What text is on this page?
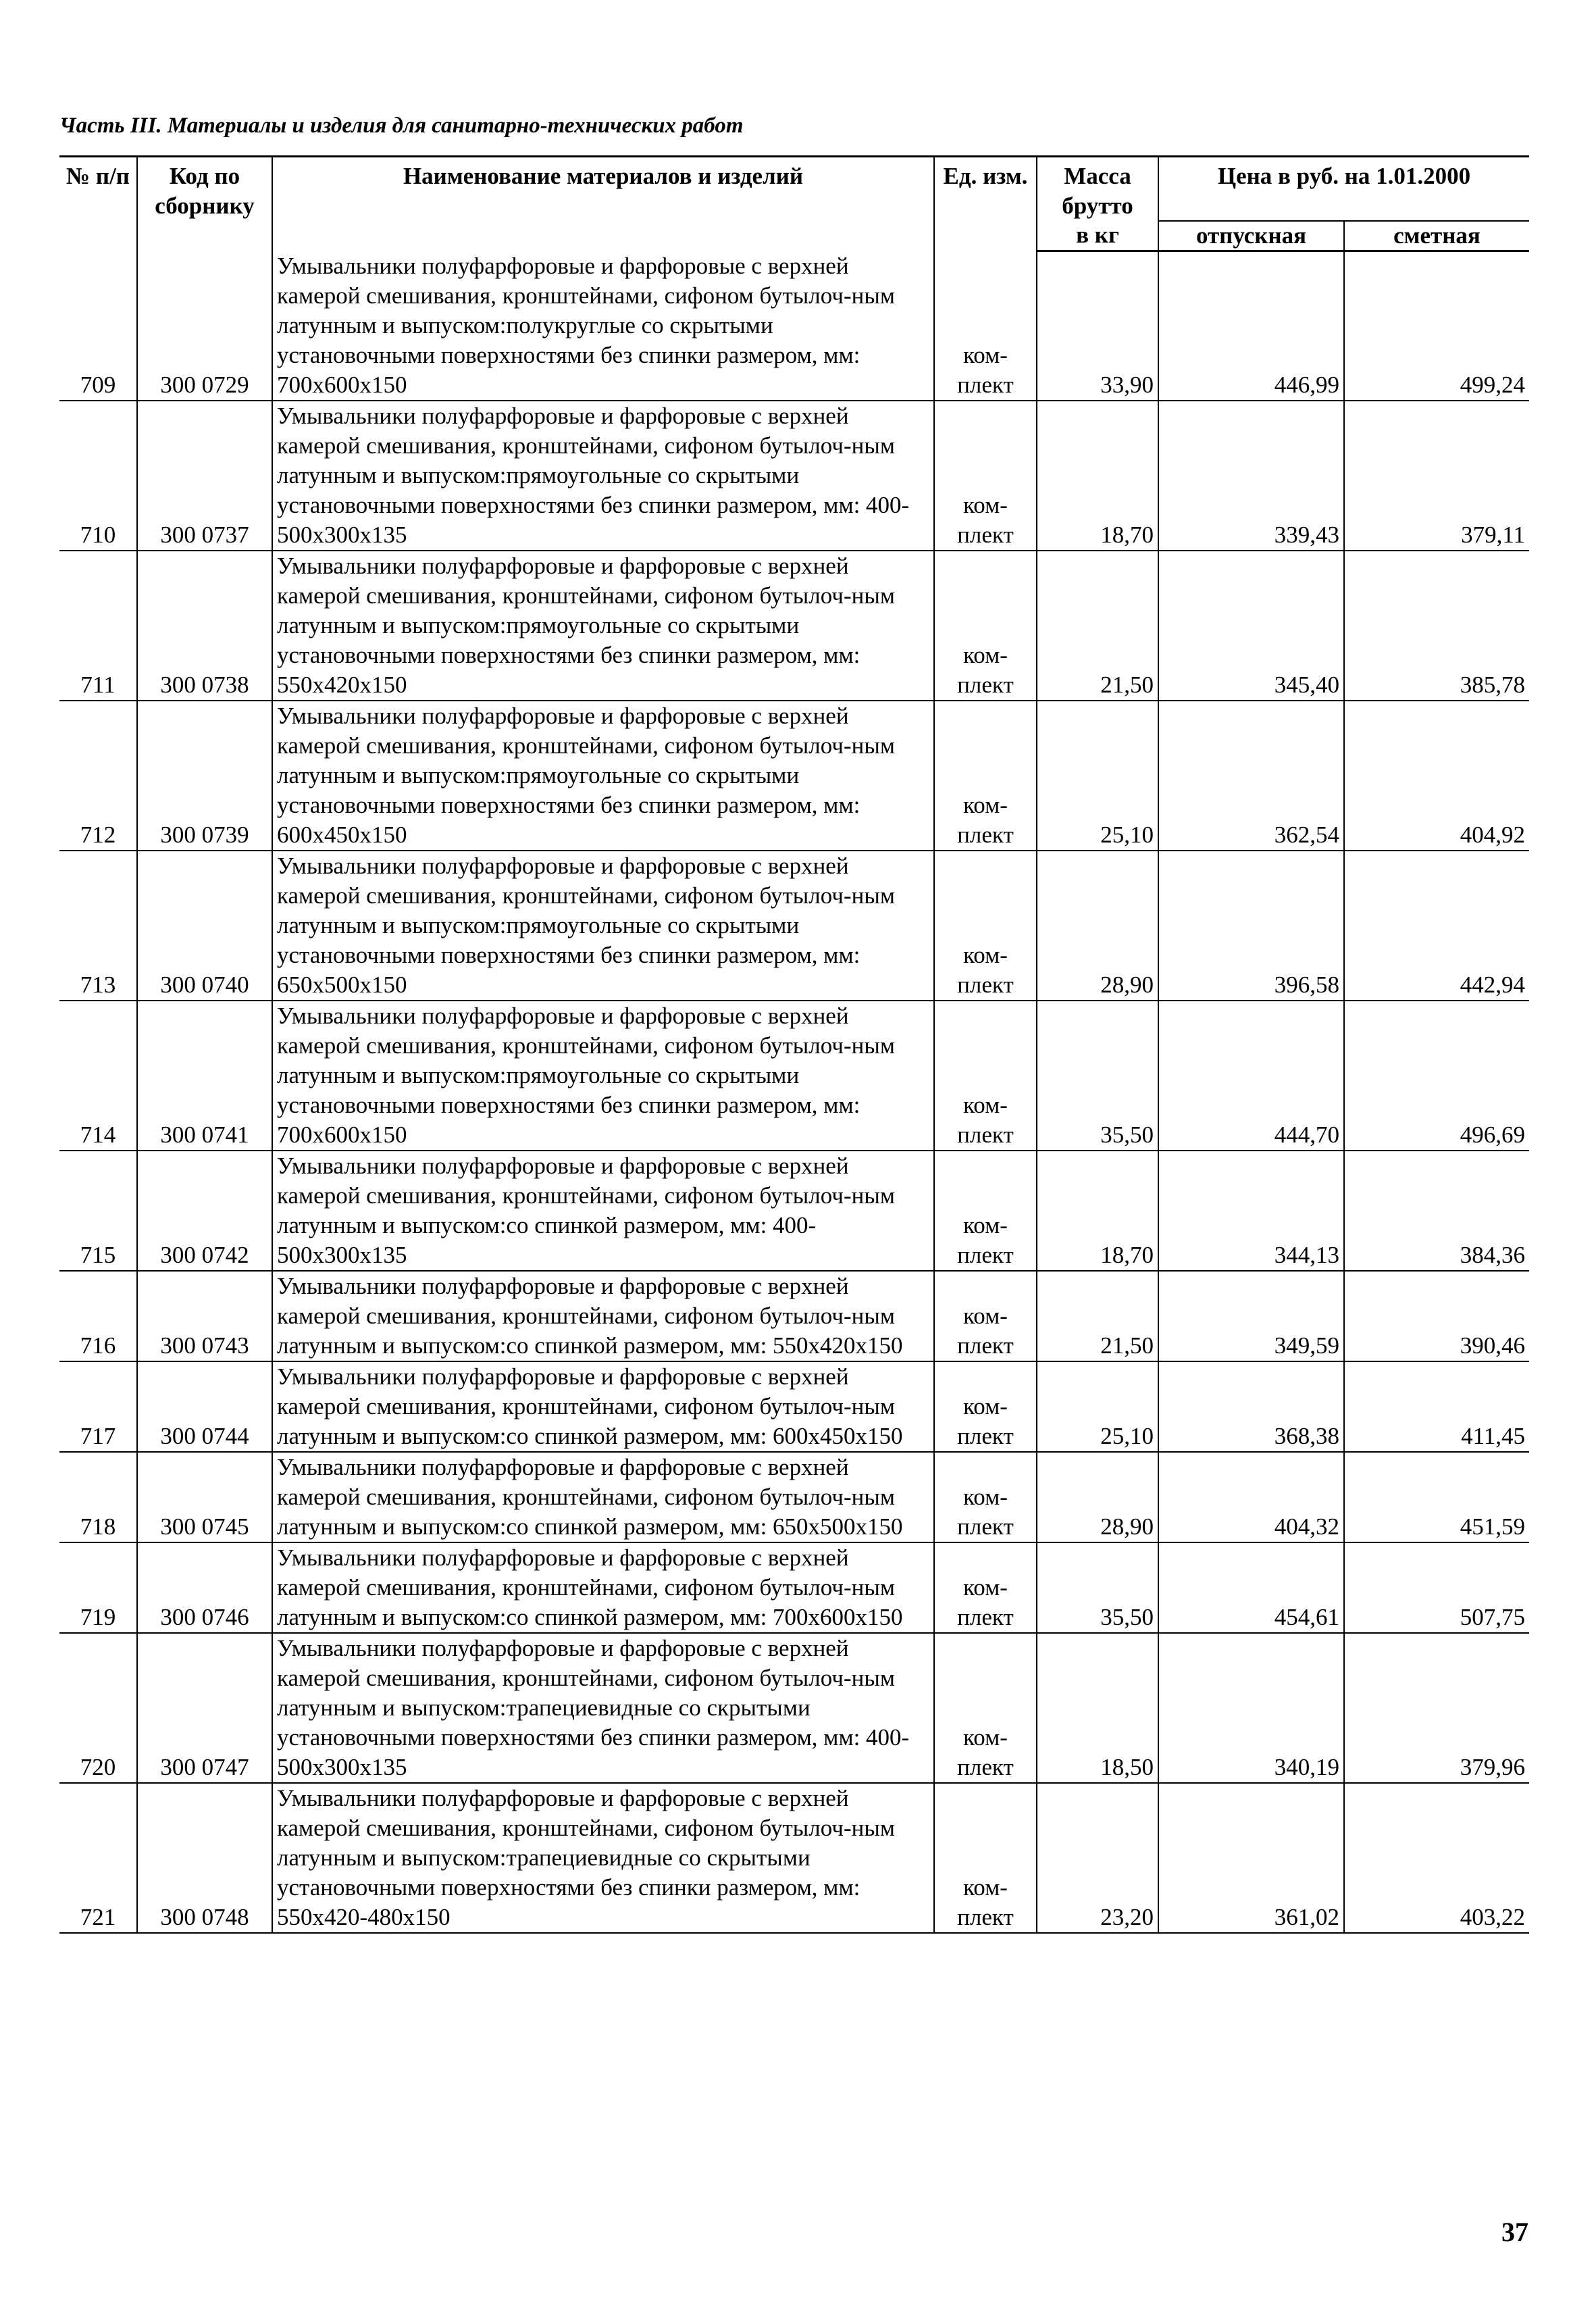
Часть III. Материалы и изделия для санитарно-технических работ
№ п/п	Код по сборнику	Наименование материалов и изделий	Ед. изм.	Масса брутто	Цена в руб. на 1.01.2000	
				в кг	отпускная	сметная
709	300 0729	Умывальники полуфарфоровые и фарфоровые с верхней камерой смешивания, кронштейнами, сифоном бутылоч-ным латунным и выпуском:полукруглые со скрытыми установочными поверхностями без спинки размером, мм: 700x600x150	ком-плект	33,90	446,99	499,24
710	300 0737	Умывальники полуфарфоровые и фарфоровые с верхней камерой смешивания, кронштейнами, сифоном бутылоч-ным латунным и выпуском:прямоугольные со скрытыми установочными поверхностями без спинки размером, мм: 400-500x300x135	ком-плект	18,70	339,43	379,11
711	300 0738	Умывальники полуфарфоровые и фарфоровые с верхней камерой смешивания, кронштейнами, сифоном бутылоч-ным латунным и выпуском:прямоугольные со скрытыми установочными поверхностями без спинки размером, мм: 550x420x150	ком-плект	21,50	345,40	385,78
712	300 0739	Умывальники полуфарфоровые и фарфоровые с верхней камерой смешивания, кронштейнами, сифоном бутылоч-ным латунным и выпуском:прямоугольные со скрытыми установочными поверхностями без спинки размером, мм: 600x450x150	ком-плект	25,10	362,54	404,92
713	300 0740	Умывальники полуфарфоровые и фарфоровые с верхней камерой смешивания, кронштейнами, сифоном бутылоч-ным латунным и выпуском:прямоугольные со скрытыми установочными поверхностями без спинки размером, мм: 650x500x150	ком-плект	28,90	396,58	442,94
714	300 0741	Умывальники полуфарфоровые и фарфоровые с верхней камерой смешивания, кронштейнами, сифоном бутылоч-ным латунным и выпуском:прямоугольные со скрытыми установочными поверхностями без спинки размером, мм: 700x600x150	ком-плект	35,50	444,70	496,69
715	300 0742	Умывальники полуфарфоровые и фарфоровые с верхней камерой смешивания, кронштейнами, сифоном бутылоч-ным латунным и выпуском:со спинкой размером, мм: 400-500x300x135	ком-плект	18,70	344,13	384,36
716	300 0743	Умывальники полуфарфоровые и фарфоровые с верхней камерой смешивания, кронштейнами, сифоном бутылоч-ным латунным и выпуском:со спинкой размером, мм: 550x420x150	ком-плект	21,50	349,59	390,46
717	300 0744	Умывальники полуфарфоровые и фарфоровые с верхней камерой смешивания, кронштейнами, сифоном бутылоч-ным латунным и выпуском:со спинкой размером, мм: 600x450x150	ком-плект	25,10	368,38	411,45
718	300 0745	Умывальники полуфарфоровые и фарфоровые с верхней камерой смешивания, кронштейнами, сифоном бутылоч-ным латунным и выпуском:со спинкой размером, мм: 650x500x150	ком-плект	28,90	404,32	451,59
719	300 0746	Умывальники полуфарфоровые и фарфоровые с верхней камерой смешивания, кронштейнами, сифоном бутылоч-ным латунным и выпуском:со спинкой размером, мм: 700x600x150	ком-плект	35,50	454,61	507,75
720	300 0747	Умывальники полуфарфоровые и фарфоровые с верхней камерой смешивания, кронштейнами, сифоном бутылоч-ным латунным и выпуском:трапециевидные со скрытыми установочными поверхностями без спинки размером, мм: 400-500x300x135	ком-плект	18,50	340,19	379,96
721	300 0748	Умывальники полуфарфоровые и фарфоровые с верхней камерой смешивания, кронштейнами, сифоном бутылоч-ным латунным и выпуском:трапециевидные со скрытыми установочными поверхностями без спинки размером, мм: 550x420-480x150	ком-плект	23,20	361,02	403,22
37
